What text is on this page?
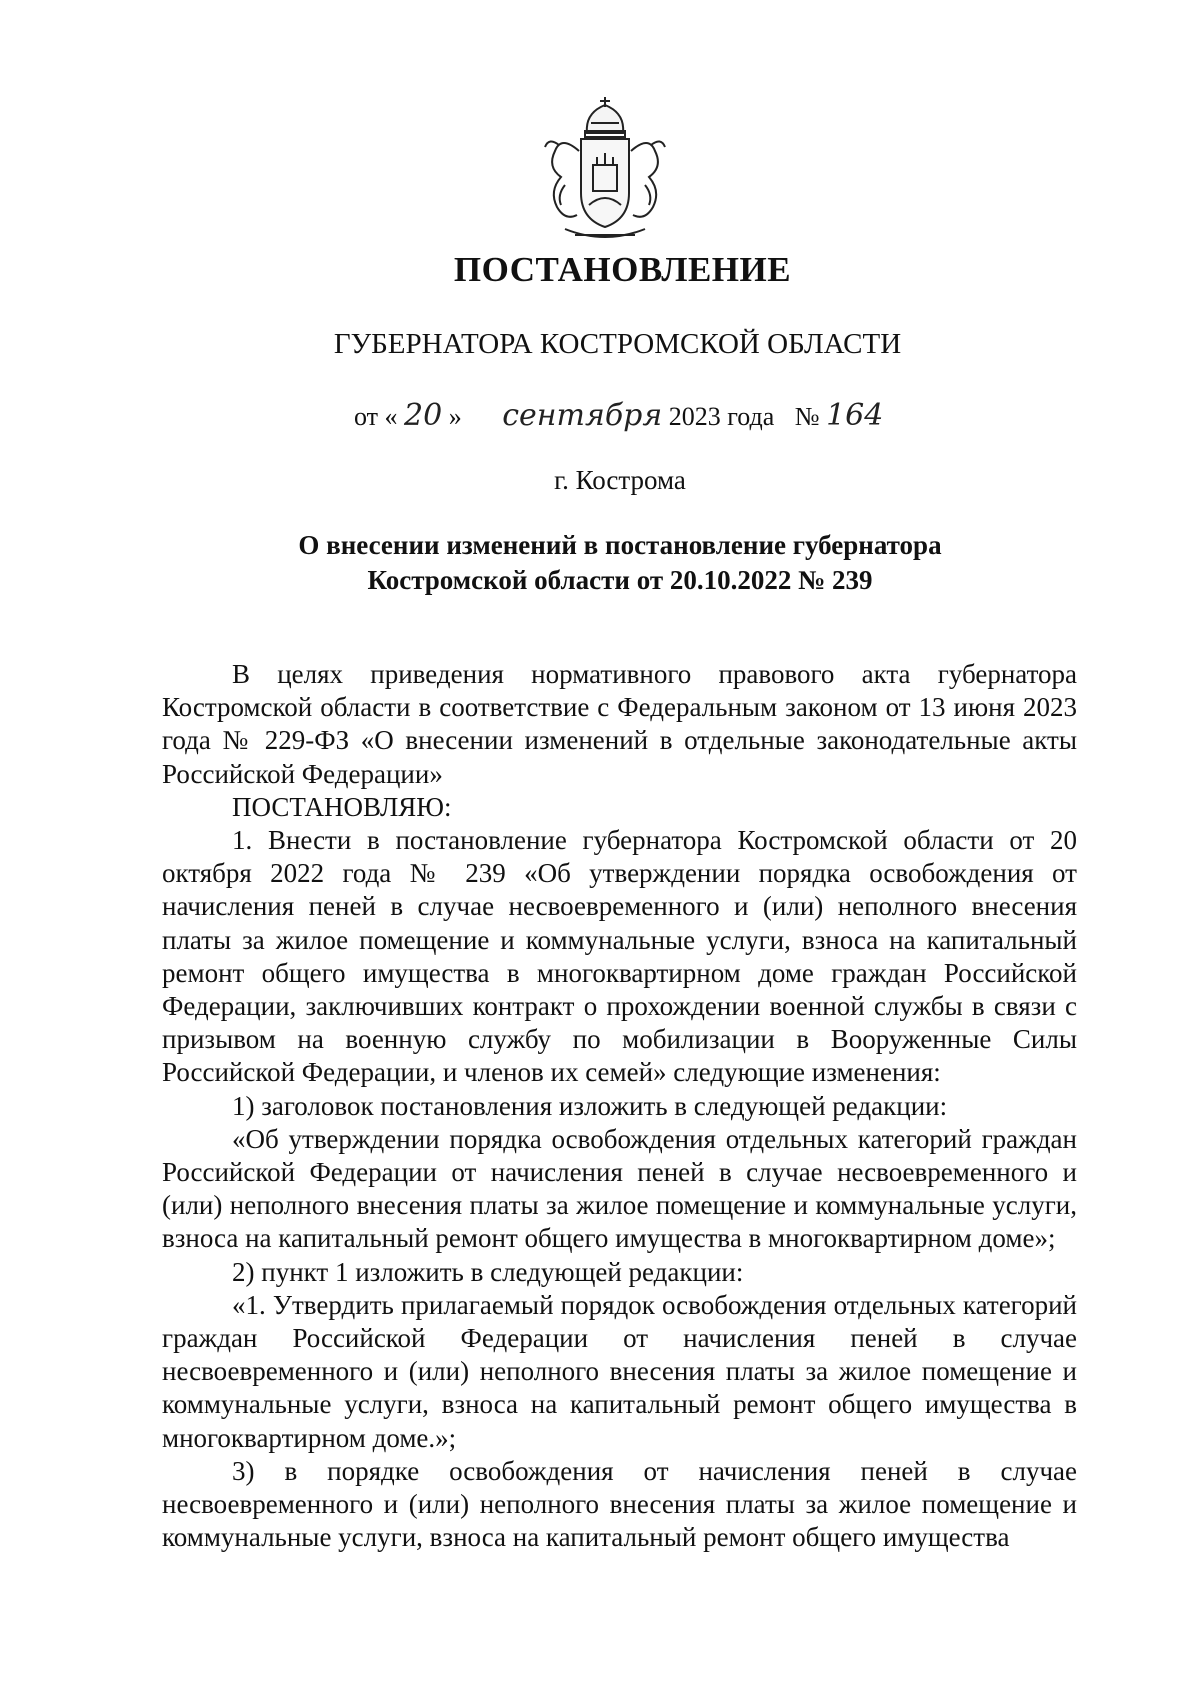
ПОСТАНОВЛЕНИЕ
ГУБЕРНАТОРА КОСТРОМСКОЙ ОБЛАСТИ
от « 20 » сентября 2023 года № 164
г. Кострома
О внесении изменений в постановление губернатора
Костромской области от 20.10.2022 № 239

В целях приведения нормативного правового акта губернатора Костромской области в соответствие с Федеральным законом от 13 июня 2023 года № 229-ФЗ «О внесении изменений в отдельные законодательные акты Российской Федерации»

ПОСТАНОВЛЯЮ:

1. Внести в постановление губернатора Костромской области от 20 октября 2022 года № 239 «Об утверждении порядка освобождения от начисления пеней в случае несвоевременного и (или) неполного внесения платы за жилое помещение и коммунальные услуги, взноса на капитальный ремонт общего имущества в многоквартирном доме граждан Российской Федерации, заключивших контракт о прохождении военной службы в связи с призывом на военную службу по мобилизации в Вооруженные Силы Российской Федерации, и членов их семей» следующие изменения:

1) заголовок постановления изложить в следующей редакции:

«Об утверждении порядка освобождения отдельных категорий граждан Российской Федерации от начисления пеней в случае несвоевременного и (или) неполного внесения платы за жилое помещение и коммунальные услуги, взноса на капитальный ремонт общего имущества в многоквартирном доме»;

2) пункт 1 изложить в следующей редакции:

«1. Утвердить прилагаемый порядок освобождения отдельных категорий граждан Российской Федерации от начисления пеней в случае несвоевременного и (или) неполного внесения платы за жилое помещение и коммунальные услуги, взноса на капитальный ремонт общего имущества в многоквартирном доме.»;

3) в порядке освобождения от начисления пеней в случае несвоевременного и (или) неполного внесения платы за жилое помещение и коммунальные услуги, взноса на капитальный ремонт общего имущества
